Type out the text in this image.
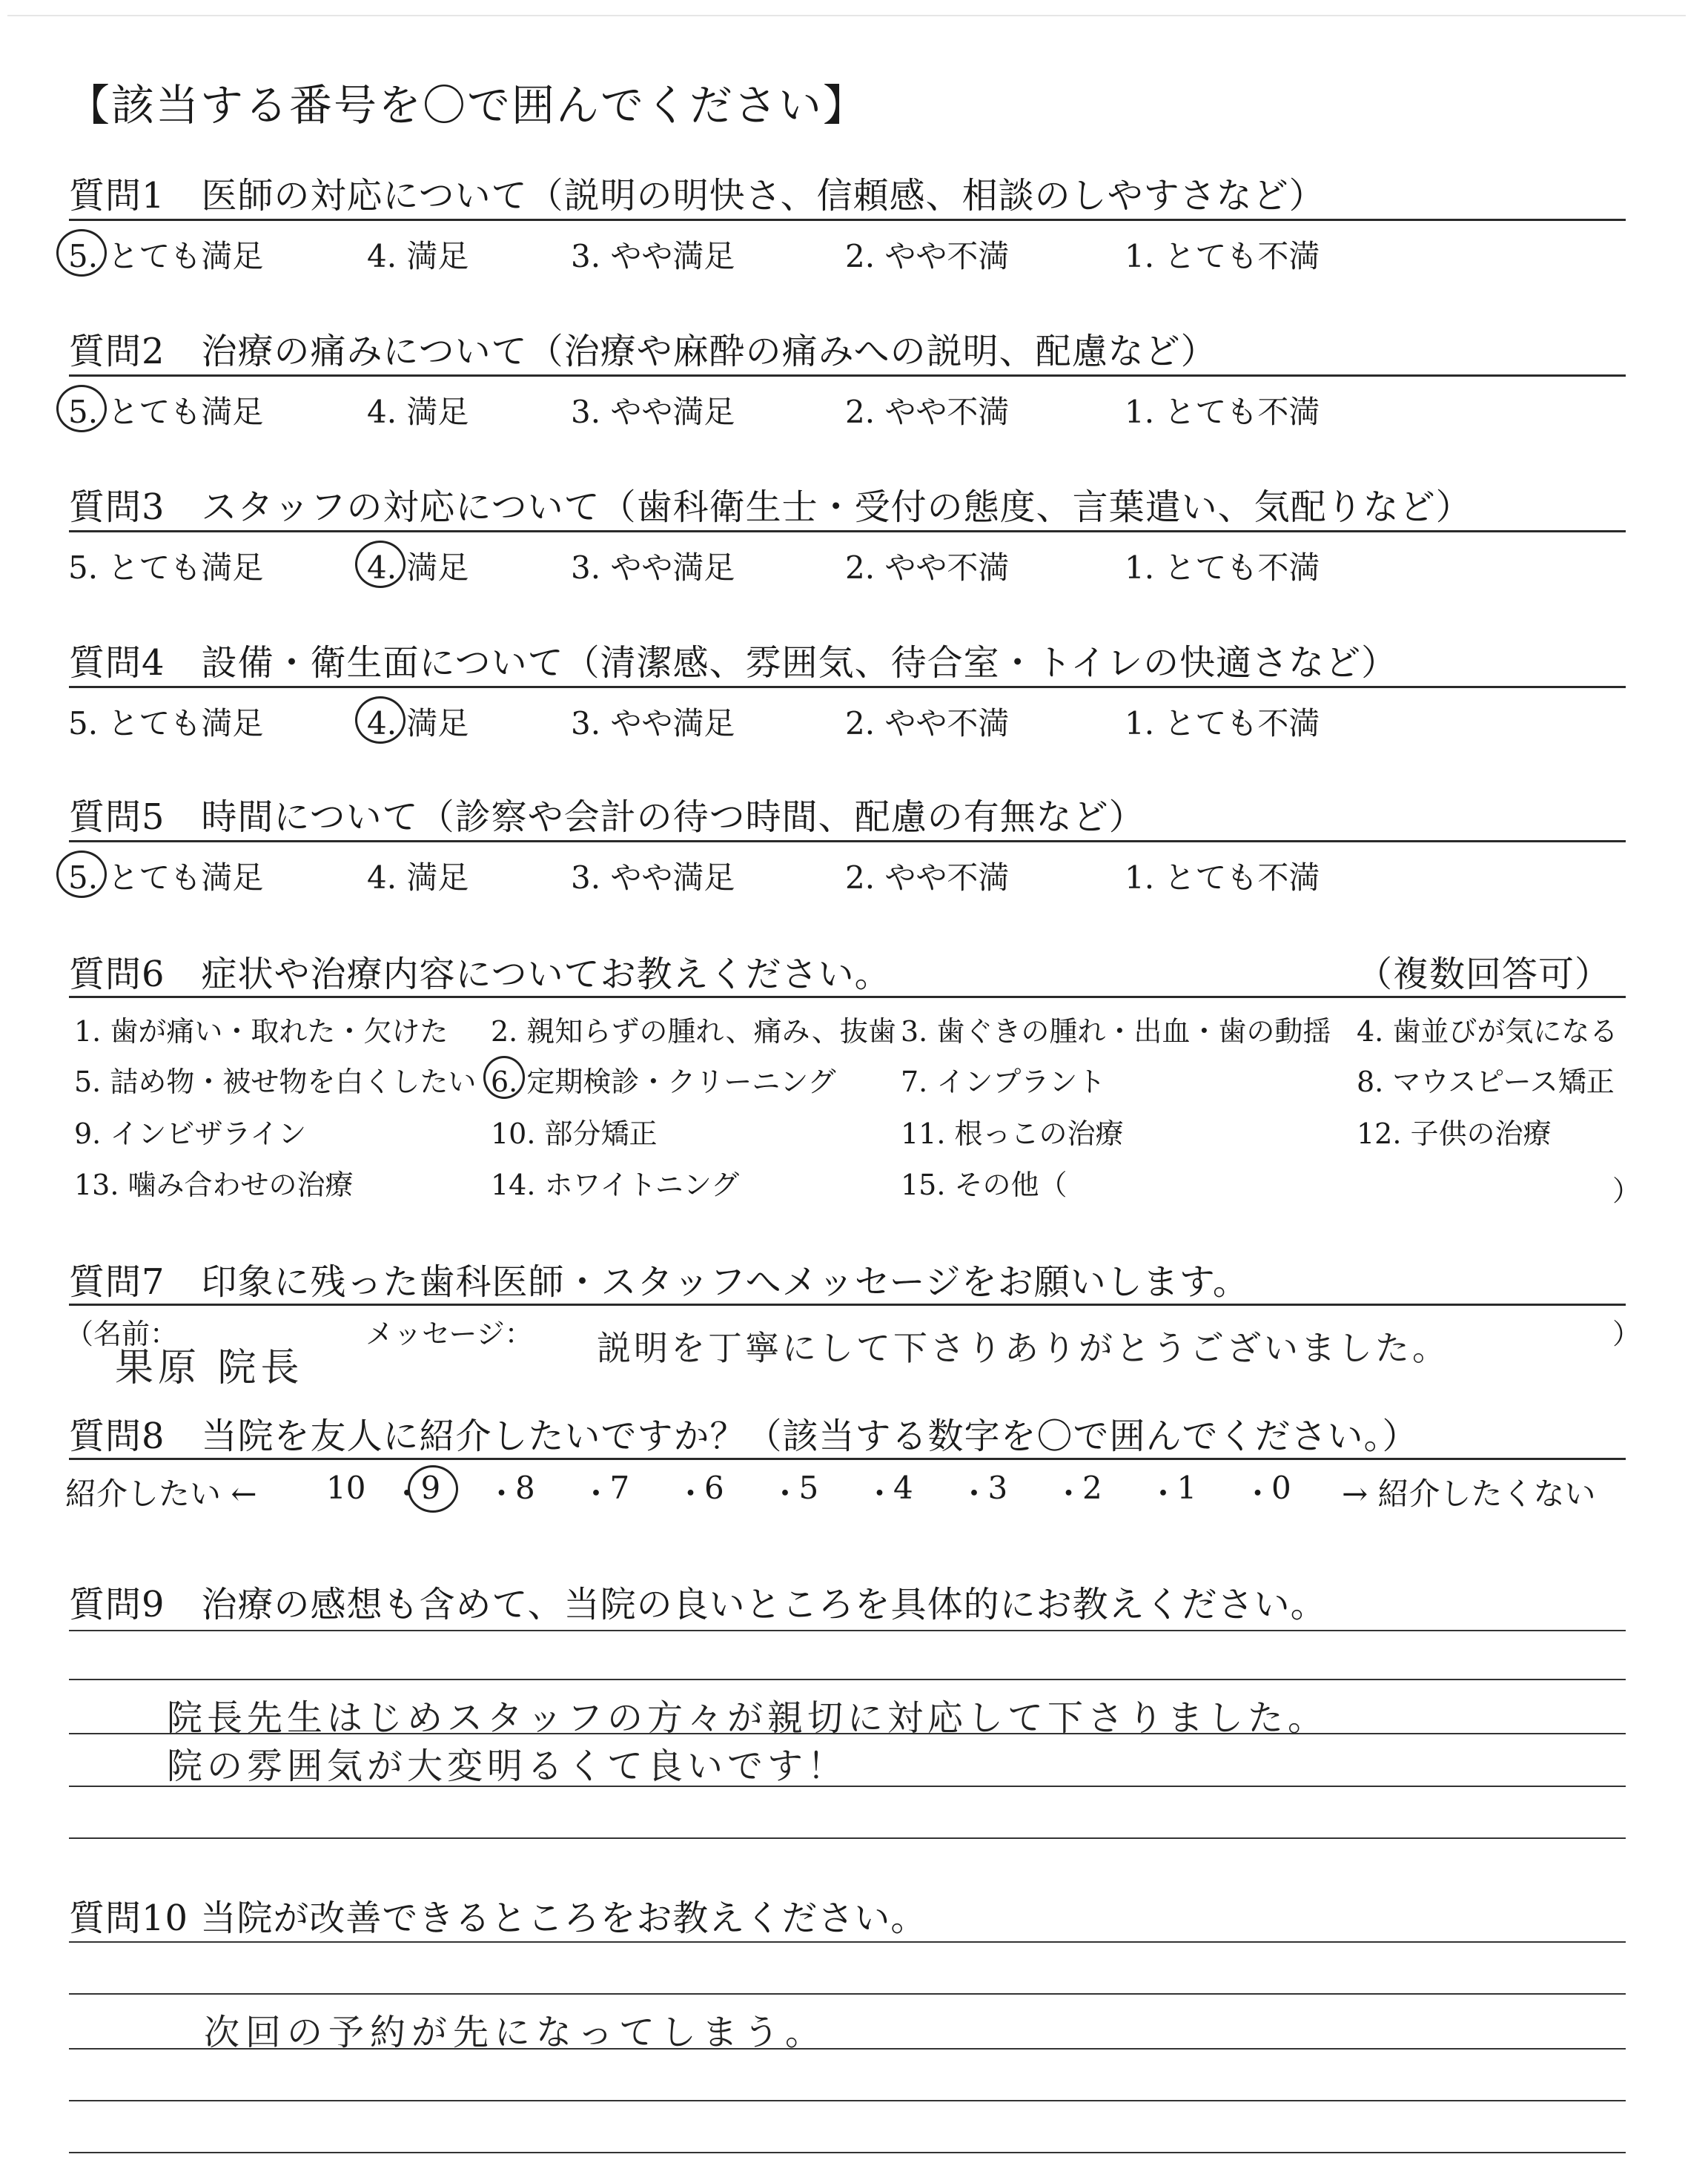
【該当する番号を〇で囲んでください】
質問1　医師の対応について（説明の明快さ、信頼感、相談のしやすさなど）
5. とても満足	4. 満足	3. やや満足	2. やや不満	1. とても不満
質問2　治療の痛みについて（治療や麻酔の痛みへの説明、配慮など）
5. とても満足	4. 満足	3. やや満足	2. やや不満	1. とても不満
質問3　スタッフの対応について（歯科衛生士・受付の態度、言葉遣い、気配りなど）
5. とても満足	4. 満足	3. やや満足	2. やや不満	1. とても不満
質問4　設備・衛生面について（清潔感、雰囲気、待合室・トイレの快適さなど）
5. とても満足	4. 満足	3. やや満足	2. やや不満	1. とても不満
質問5　時間について（診察や会計の待つ時間、配慮の有無など）
5. とても満足	4. 満足	3. やや満足	2. やや不満	1. とても不満
質問6　症状や治療内容についてお教えください。	（複数回答可）
1. 歯が痛い・取れた・欠けた 2. 親知らずの腫れ、痛み、抜歯 3. 歯ぐきの腫れ・出血・歯の動揺 4. 歯並びが気になる
5. 詰め物・被せ物を白くしたい 6. 定期検診・クリーニング 7. インプラント	8. マウスピース矯正
9. インビザライン	10. 部分矯正	11. 根っこの治療	12. 子供の治療
13. 噛み合わせの治療	14. ホワイトニング	15. その他（	）
質問7　印象に残った歯科医師・スタッフへメッセージをお願いします。
（名前：
果原 院長
メッセージ： 説明を丁寧にして下さりありがとうございました。	）
質問8　当院を友人に紹介したいですか？（該当する数字を〇で囲んでください。）
紹介したい ← 10 ・
9 ・
8 ・
7 ・
6 ・
5 ・
4 ・
3 ・
2 ・
1 ・
0 → 紹介したくない
質問9　治療の感想も含めて、当院の良いところを具体的にお教えください。
院長先生はじめスタッフの方々が親切に対応して下さりました。
院の雰囲気が大変明るくて良いです！
質問10 当院が改善できるところをお教えください。
次回の予約が先になってしまう。
